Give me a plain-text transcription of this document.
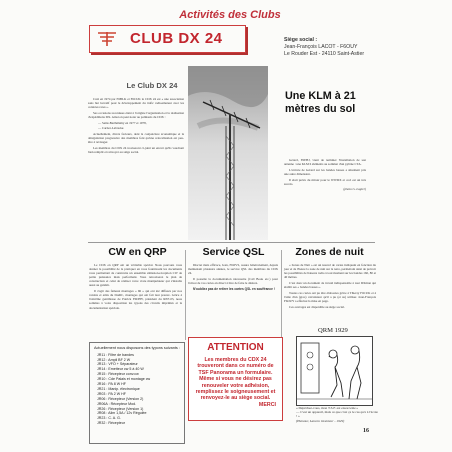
Activités des Clubs
CLUB DX 24	Siège social :
Jean-François LACOT - F6OUY
Le Rouder Est - 24110 Saint-Astier
Le Club DX 24

Créé en 1974 par F6BLK et F6CUK le CDX 24 est « une association sans but lucratif pour le développement du trafic radioamateur avec les contrées rares ».

Ses occasions reconnues étant à l'origine l'organisation et la réalisation d'expéditions DX. Ainsi on peut noter au palmarès du CDX :

— Saint-Barthélémy en 1977 et 1978,

— Cartier-Labrador.

Actuellement, divers facteurs, dont la conjoncture économique et la dérégulation progressive des membres font qu'une relocalisation est peu-être à revisager.

Les membres du CDX 24 trouveront ci-joint un encart qu'ils voudront bien remplir et renvoyer au siège social.

Une KLM à 21 mètres du sol

Gérard, F6EHJ, vient de terminer l'installation de son antenne : une KLM 6 éléments au sommet d'un pylône CTA.

L'arrivée de Gérard sur les bandes basses a sûrement pris une autre dimension.

Il était prévu du miroir pour le WWDX et ceci est un très succès.

(photo G. Lagier)
CW en QRP	Service QSL	Zones de nuit

Le CDX en QRP ont un véritable spécial. Nous pouvons vous donner la possibilité de le pratiquer en vous fournissant les documents vous permettant de construire un ensemble émission-réception CW de petite puissance mais performant. Vous retrouverez le plan de construction et celui de réaliser votre vraie manipulateur qui s'installe aussi au gentim.

Il s'agit des fameux montages « IR » qui ont été diffusés par nos voisins et amis du DARC, montages qui ont fait leur preuve. Grâce à l'extrême gentillesse de Patrick F6DHY, président du REF-03, nous sommes à votre disposition les typons des circuits imprimés et la documentation spéciale.

Discret mais efficace, Jean, F6OVS, assure bénévolement, depuis maintenant plusieurs années, le service QSL des membres du CDX 24.

Il possède la documentation nécessaire (Call Book etc.) pour l'envoi de vos cartes en direct à titre de faire le désirez.

N'oubliez pas de retirer les cartes QSL en souffrance !

« Zones de Nuit » est un nouvel de cartes indiquant en fonction du jour et de l'heure la zone de nuit sur la terre, permettant ainsi de prévoir les possibilités de liaisons radio à tout moment sur les bandes 160, 80 et 40 mètres.

C'est donc un document de travail indispensable à tout DXman qui établit ses « bandes basses ».

Toutes ces cartes ont pu être élaborées grâce à Thierry F6CUK et à l'aide d'un (gros) calculateur qu'il a pu (et su) utiliser. Jean-François F6OUY a effectué la mise en page.

Ces ouvrages est disponible au siège social.

ATTENTION
Les membres du CDX 24 trouveront dans ce numéro de TSF Panorama un formulaire. Même si vous ne désirez pas renouveler votre adhésion, remplissez le soigneusement et renvoyez-le au siège social.
MERCI
Actuellement nous disposons des typons suivants :
JR11 : Filtre de bandes
JR12 : Ampli BF 2 W
JR13 : VFO + Séparateur
JR14 : Emetteur cw 5 à 40 W
JR15 : Récepteur conv.cw
JR10 : Cde Palais et montage cw
JR16 : PA 8 W HF
JR21 : Manip. électronique
JR03 : PA 2 W HF
JR06 : Récepteur (Version 2)
JR06A : Récepteur Mod.
JR26 : Récepteur (Version 1)
JR08 : Alim 1,5A / 12v Régulée
JR23 : C. A. G.
JR32 : Récepteur
QRM 1929
« Dépêchez-vous, mon T.S.F. est ensorcelée »
— C'est un appareil, mais ce que c'est ça le cas qu'a à l'école ! »
(Humour, Lancon inventeur - 1929)
16
